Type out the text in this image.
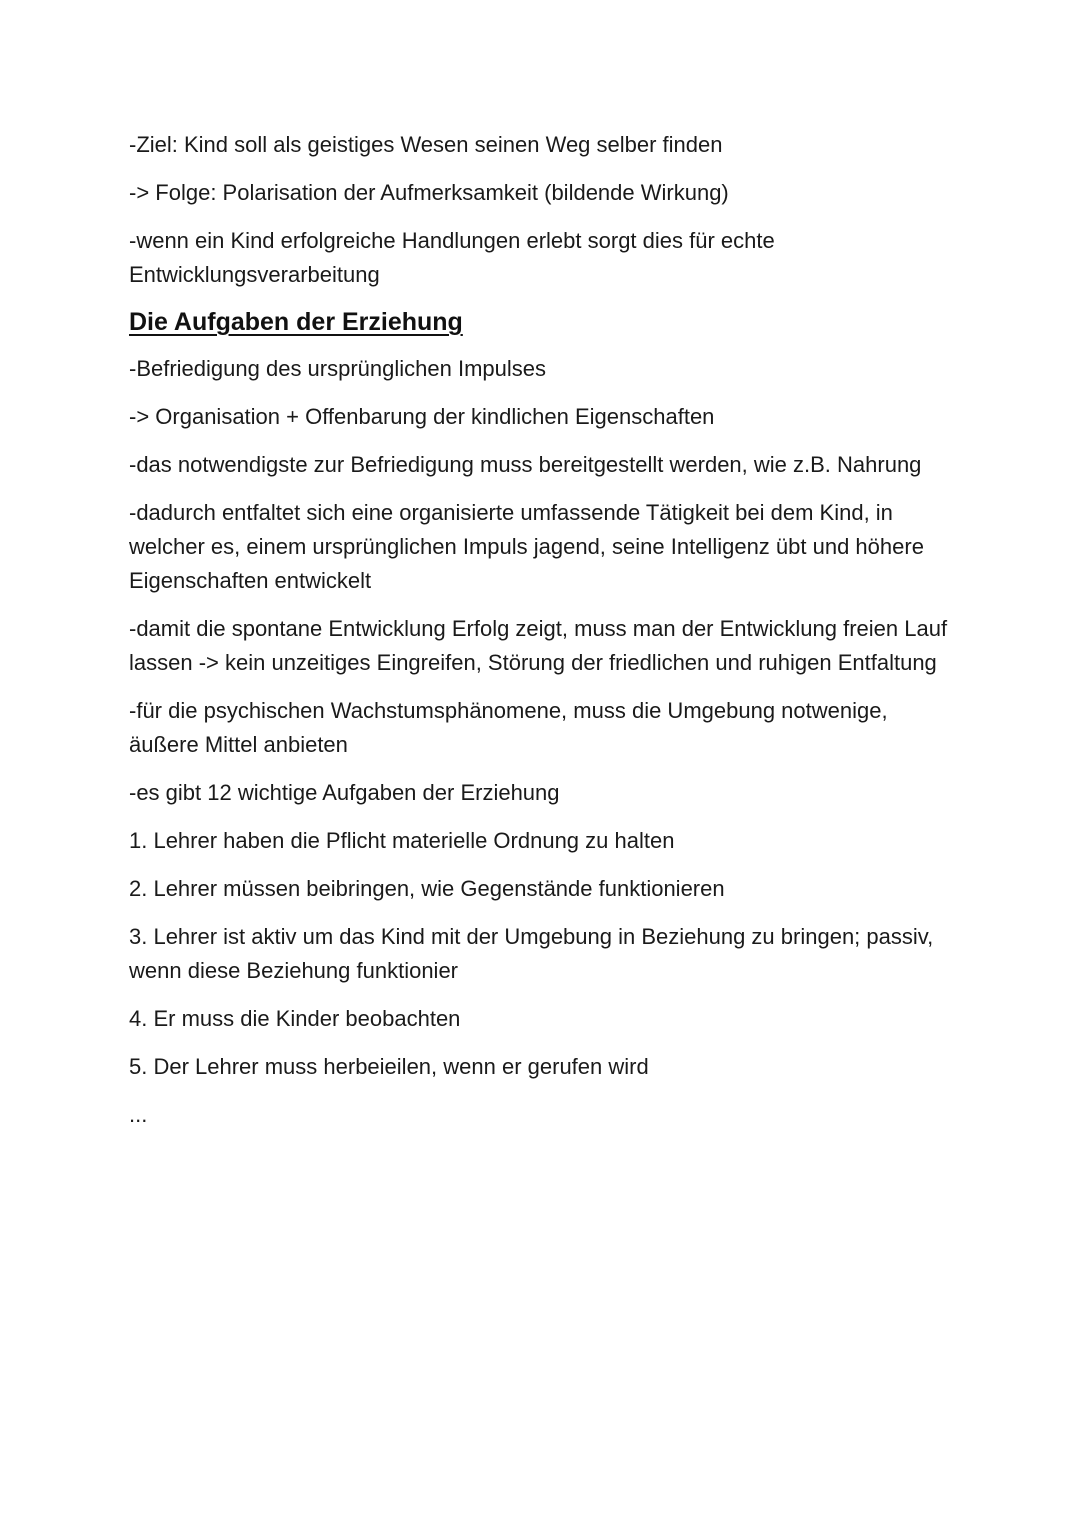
-Ziel: Kind soll als geistiges Wesen seinen Weg selber finden

-> Folge: Polarisation der Aufmerksamkeit (bildende Wirkung)

-wenn ein Kind erfolgreiche Handlungen erlebt sorgt dies für echte Entwicklungsverarbeitung

Die Aufgaben der Erziehung

-Befriedigung des ursprünglichen Impulses

-> Organisation + Offenbarung der kindlichen Eigenschaften

-das notwendigste zur Befriedigung muss bereitgestellt werden, wie z.B. Nahrung

-dadurch entfaltet sich eine organisierte umfassende Tätigkeit bei dem Kind, in welcher es, einem ursprünglichen Impuls jagend, seine Intelligenz übt und höhere Eigenschaften entwickelt

-damit die spontane Entwicklung Erfolg zeigt, muss man der Entwicklung freien Lauf lassen -> kein unzeitiges Eingreifen, Störung der friedlichen und ruhigen Entfaltung

-für die psychischen Wachstumsphänomene, muss die Umgebung notwenige, äußere Mittel anbieten

-es gibt 12 wichtige Aufgaben der Erziehung

1. Lehrer haben die Pflicht materielle Ordnung zu halten

2. Lehrer müssen beibringen, wie Gegenstände funktionieren

3. Lehrer ist aktiv um das Kind mit der Umgebung in Beziehung zu bringen; passiv, wenn diese Beziehung funktionier

4. Er muss die Kinder beobachten

5. Der Lehrer muss herbeieilen, wenn er gerufen wird

...
